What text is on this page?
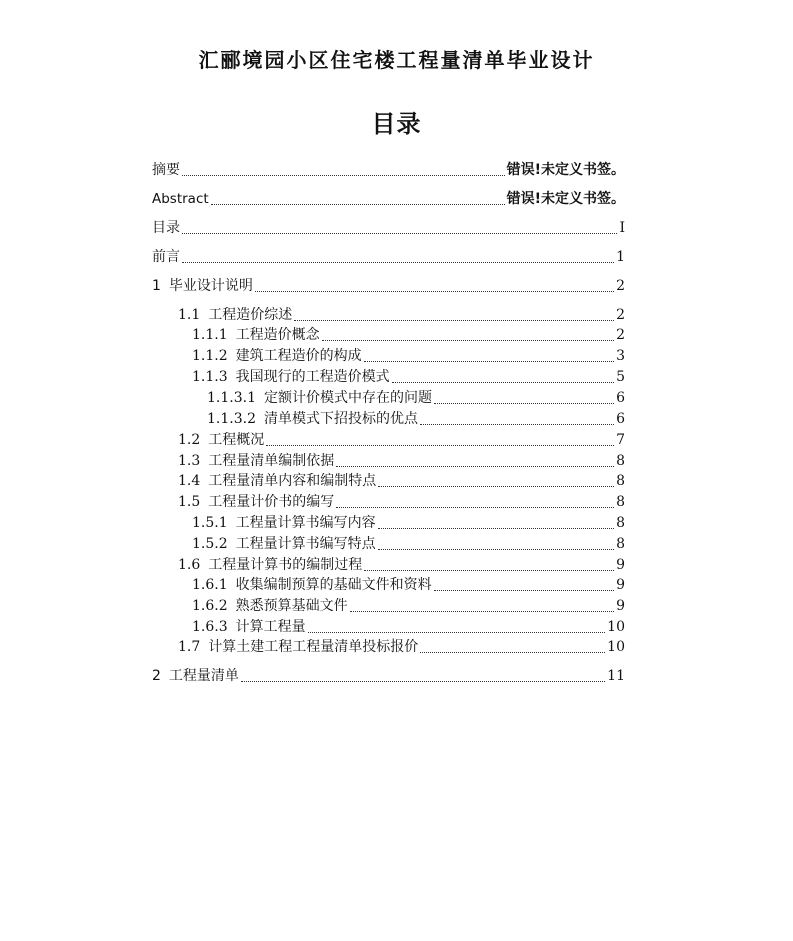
汇郦境园小区住宅楼工程量清单毕业设计
目录
摘要	错误!未定义书签。
Abstract	错误!未定义书签。
目录	I
前言	1
1 毕业设计说明	2
1.1 工程造价综述	2
1.1.1 工程造价概念	2
1.1.2 建筑工程造价的构成	3
1.1.3 我国现行的工程造价模式	5
1.1.3.1 定额计价模式中存在的问题	6
1.1.3.2 清单模式下招投标的优点	6
1.2 工程概况	7
1.3 工程量清单编制依据	8
1.4 工程量清单内容和编制特点	8
1.5 工程量计价书的编写	8
1.5.1 工程量计算书编写内容	8
1.5.2 工程量计算书编写特点	8
1.6 工程量计算书的编制过程	9
1.6.1 收集编制预算的基础文件和资料	9
1.6.2 熟悉预算基础文件	9
1.6.3 计算工程量	10
1.7 计算土建工程工程量清单投标报价	10
2 工程量清单	11
